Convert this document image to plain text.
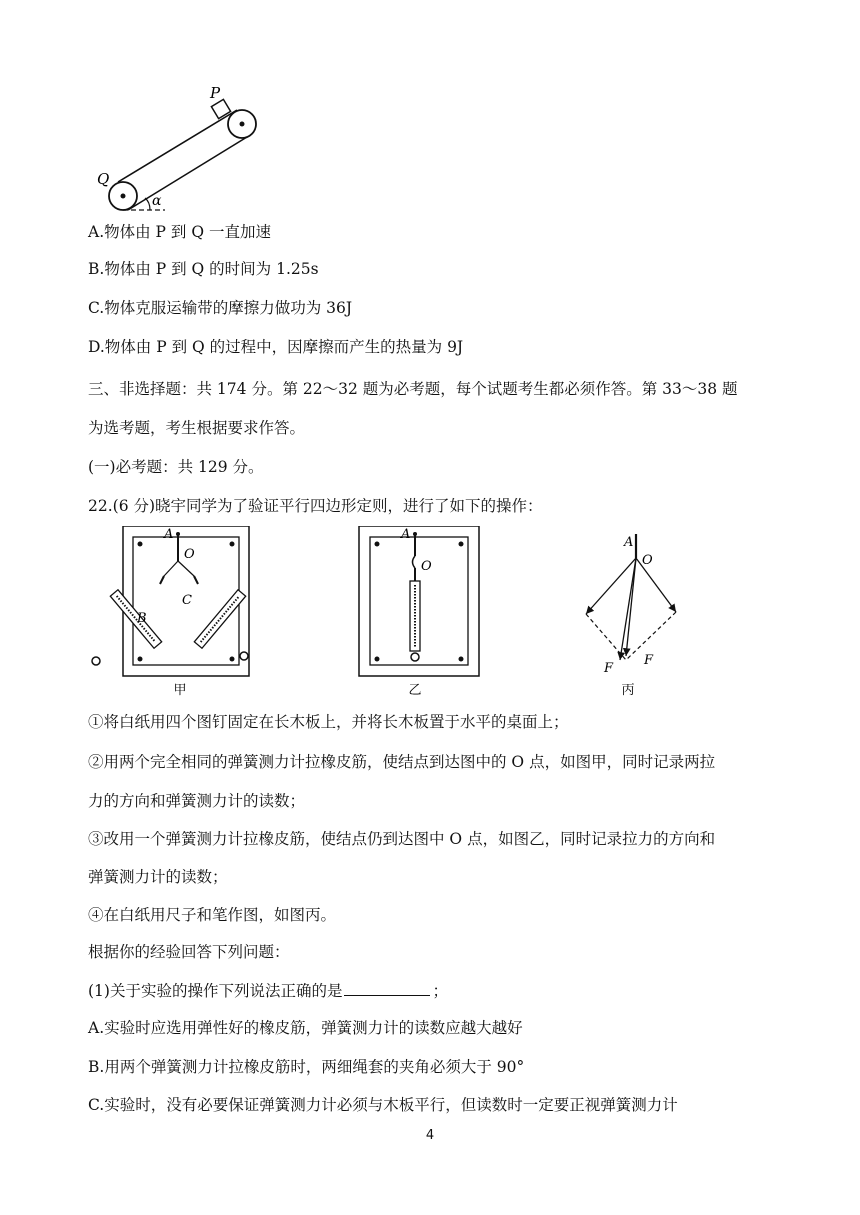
P
Q
α
A.物体由 P 到 Q 一直加速
B.物体由 P 到 Q 的时间为 1.25s
C.物体克服运输带的摩擦力做功为 36J
D.物体由 P 到 Q 的过程中，因摩擦而产生的热量为 9J
三、非选择题：共 174 分。第 22～32 题为必考题，每个试题考生都必须作答。第 33～38 题
为选考题，考生根据要求作答。
(一)必考题：共 129 分。
22.(6 分)晓宇同学为了验证平行四边形定则，进行了如下的操作：
A
O
B
C
甲
A
O
乙
A
O
F
F
丙
①将白纸用四个图钉固定在长木板上，并将长木板置于水平的桌面上；
②用两个完全相同的弹簧测力计拉橡皮筋，使结点到达图中的 O 点，如图甲，同时记录两拉
力的方向和弹簧测力计的读数；
③改用一个弹簧测力计拉橡皮筋，使结点仍到达图中 O 点，如图乙，同时记录拉力的方向和
弹簧测力计的读数；
④在白纸用尺子和笔作图，如图丙。
根据你的经验回答下列问题：
(1)关于实验的操作下列说法正确的是	；
A.实验时应选用弹性好的橡皮筋，弹簧测力计的读数应越大越好
B.用两个弹簧测力计拉橡皮筋时，两细绳套的夹角必须大于 90°
C.实验时，没有必要保证弹簧测力计必须与木板平行，但读数时一定要正视弹簧测力计
4
